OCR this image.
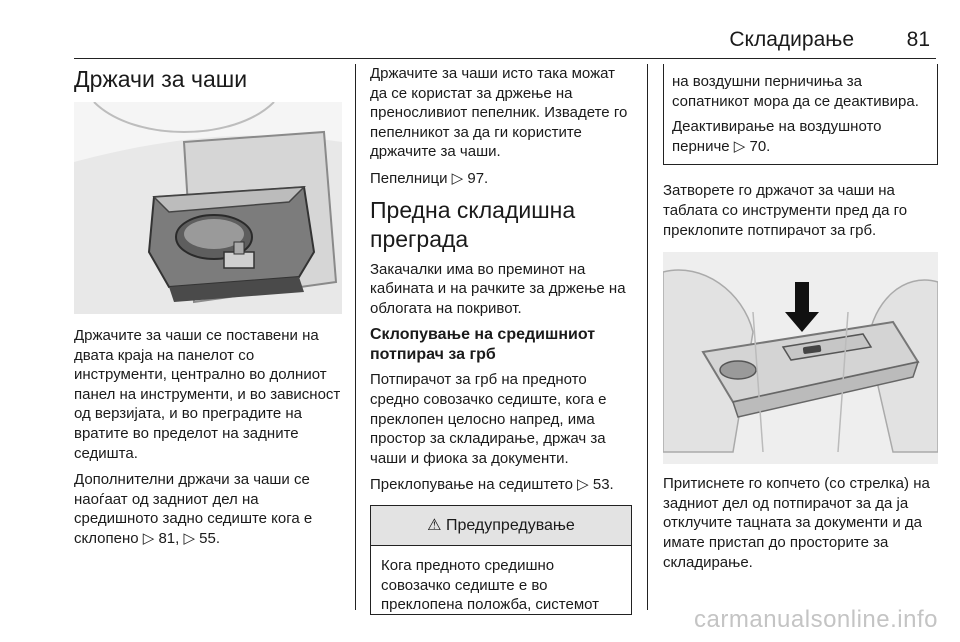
Складирање	81
Држачи за чаши

Држачите за чаши се поставени на двата краја на панелот со инструменти, централно во долниот панел на инструменти, и во зависност од верзијата, и во преградите на вратите во пределот на задните седишта.

Дополнителни држачи за чаши се наоѓаат од задниот дел на средишното задно седиште кога е склопено ▷ 81, ▷ 55.

Држачите за чаши исто така можат да се користат за држење на преносливиот пепелник. Извадете го пепелникот за да ги користите држачите за чаши.

Пепелници ▷ 97.

Предна складишна преграда

Закачалки има во преминот на кабината и на рачките за држење на облогата на покривот.

Склопување на средишниот потпирач за грб

Потпирачот за грб на предното средно совозачко седиште, кога е преклопен целосно напред, има простор за складирање, држач за чаши и фиока за документи.

Преклопување на седиштето ▷ 53.

⚠ Предупредување

Кога предното средишно совозачко седиште е во преклопена положба, системот

на воздушни перничиња за сопатникот мора да се деактивира.

Деактивирање на воздушното перниче ▷ 70.

Затворете го држачот за чаши на таблата со инструменти пред да го преклопите потпирачот за грб.

Притиснете го копчето (со стрелка) на задниот дел од потпирачот за да ја отклучите тацната за документи и да имате пристап до просторите за складирање.

carmanualsonline.info
